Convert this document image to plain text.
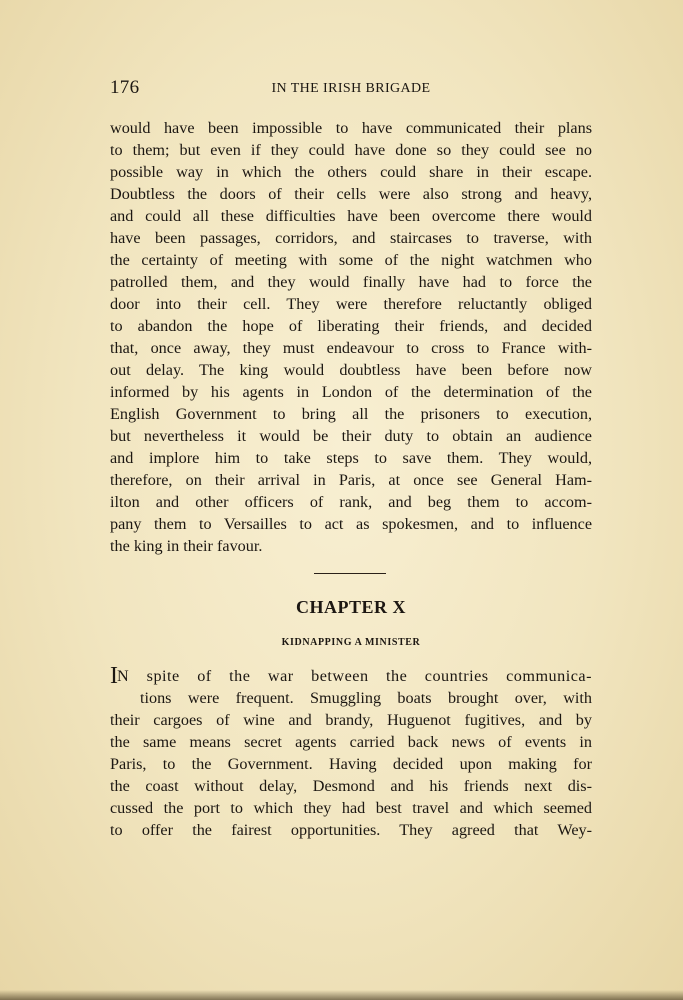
176	IN THE IRISH BRIGADE
would have been impossible to have communicated their plans
to them; but even if they could have done so they could see no
possible way in which the others could share in their escape.
Doubtless the doors of their cells were also strong and heavy,
and could all these difficulties have been overcome there would
have been passages, corridors, and staircases to traverse, with
the certainty of meeting with some of the night watchmen who
patrolled them, and they would finally have had to force the
door into their cell. They were therefore reluctantly obliged
to abandon the hope of liberating their friends, and decided
that, once away, they must endeavour to cross to France with-
out delay. The king would doubtless have been before now
informed by his agents in London of the determination of the
English Government to bring all the prisoners to execution,
but nevertheless it would be their duty to obtain an audience
and implore him to take steps to save them. They would,
therefore, on their arrival in Paris, at once see General Ham-
ilton and other officers of rank, and beg them to accom-
pany them to Versailles to act as spokesmen, and to influence
the king in their favour.
CHAPTER X
KIDNAPPING A MINISTER
IN spite of the war between the countries communica-
tions were frequent. Smuggling boats brought over, with
their cargoes of wine and brandy, Huguenot fugitives, and by
the same means secret agents carried back news of events in
Paris, to the Government. Having decided upon making for
the coast without delay, Desmond and his friends next dis-
cussed the port to which they had best travel and which seemed
to offer the fairest opportunities. They agreed that Wey-
